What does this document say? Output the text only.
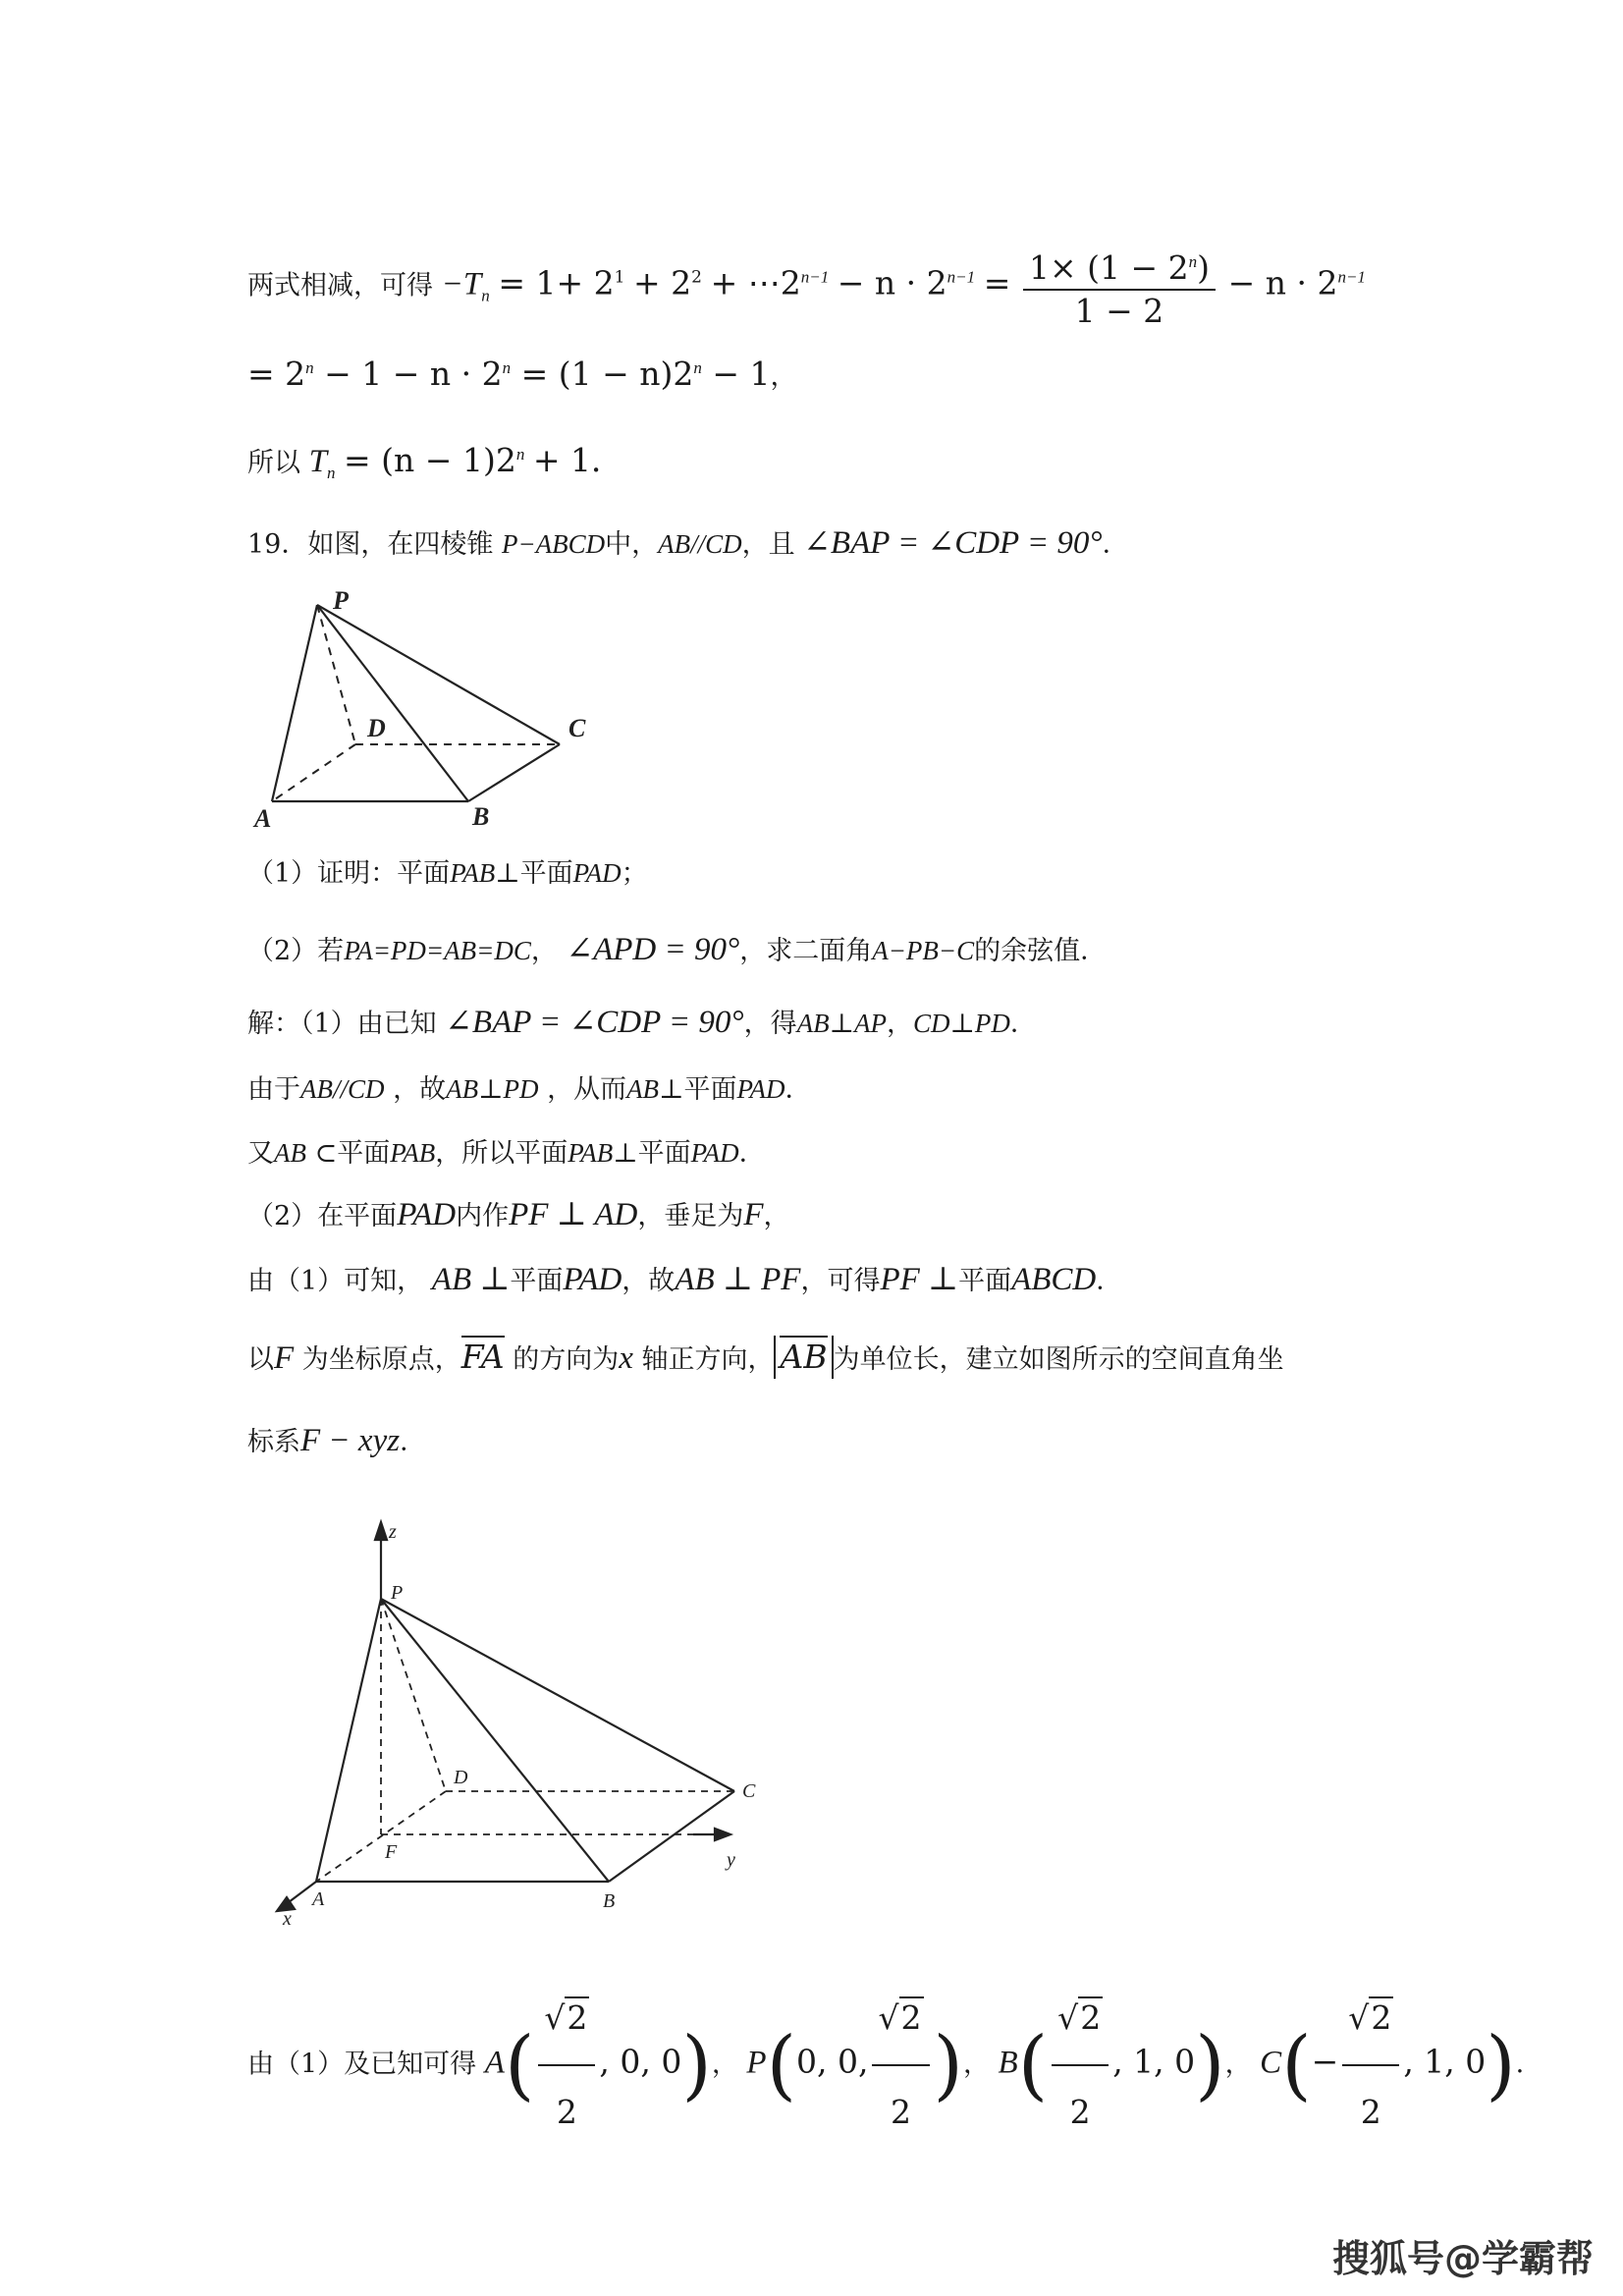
两式相减，可得 $-T_n = 1+ 2^1 + 2^2$ + $\cdots 2^{n-1} - n \cdot 2^{n-1} = \frac{1\times (1 - 2^n)}{1 - 2} - n \cdot 2^{n-1}$
= $2^n - 1 - n \cdot 2^n = (1 - n)2^n - 1$，
所以 $T_n = (n - 1)2^n + 1$．
19．如图，在四棱锥 P−ABCD中，AB//CD，且 ∠BAP = ∠CDP = 90°．
P
D	C
A	B
（1）证明：平面PAB⊥平面PAD；
（2）若PA=PD=AB=DC， ∠APD = 90°，求二面角A−PB−C的余弦值．
解：（1）由已知 ∠BAP = ∠CDP = 90°，得AB⊥AP，CD⊥PD．
由于AB//CD ，故AB⊥PD ，从而AB⊥平面PAD．
又AB ⊂平面PAB，所以平面PAB⊥平面PAD．
（2）在平面PAD内作PF ⊥ AD，垂足为F，
由（1）可知， AB ⊥平面PAD，故AB ⊥ PF，可得PF ⊥平面ABCD．
以F 为坐标原点，FA 的方向为x 轴正方向， AB 为单位长，建立如图所示的空间直角坐
标系F − xyz．
z
P
D
C
F	y
A	B
x
由（1）及已知可得 $A( \frac{√2}{2}$ , 0, 0)， P(0, 0, $\frac{√2}{2}$ )， $B( \frac{√2}{2}$ , 1, 0)， $C(- \frac{√2}{2}$ , 1, 0)．
搜狐号@学霸帮
